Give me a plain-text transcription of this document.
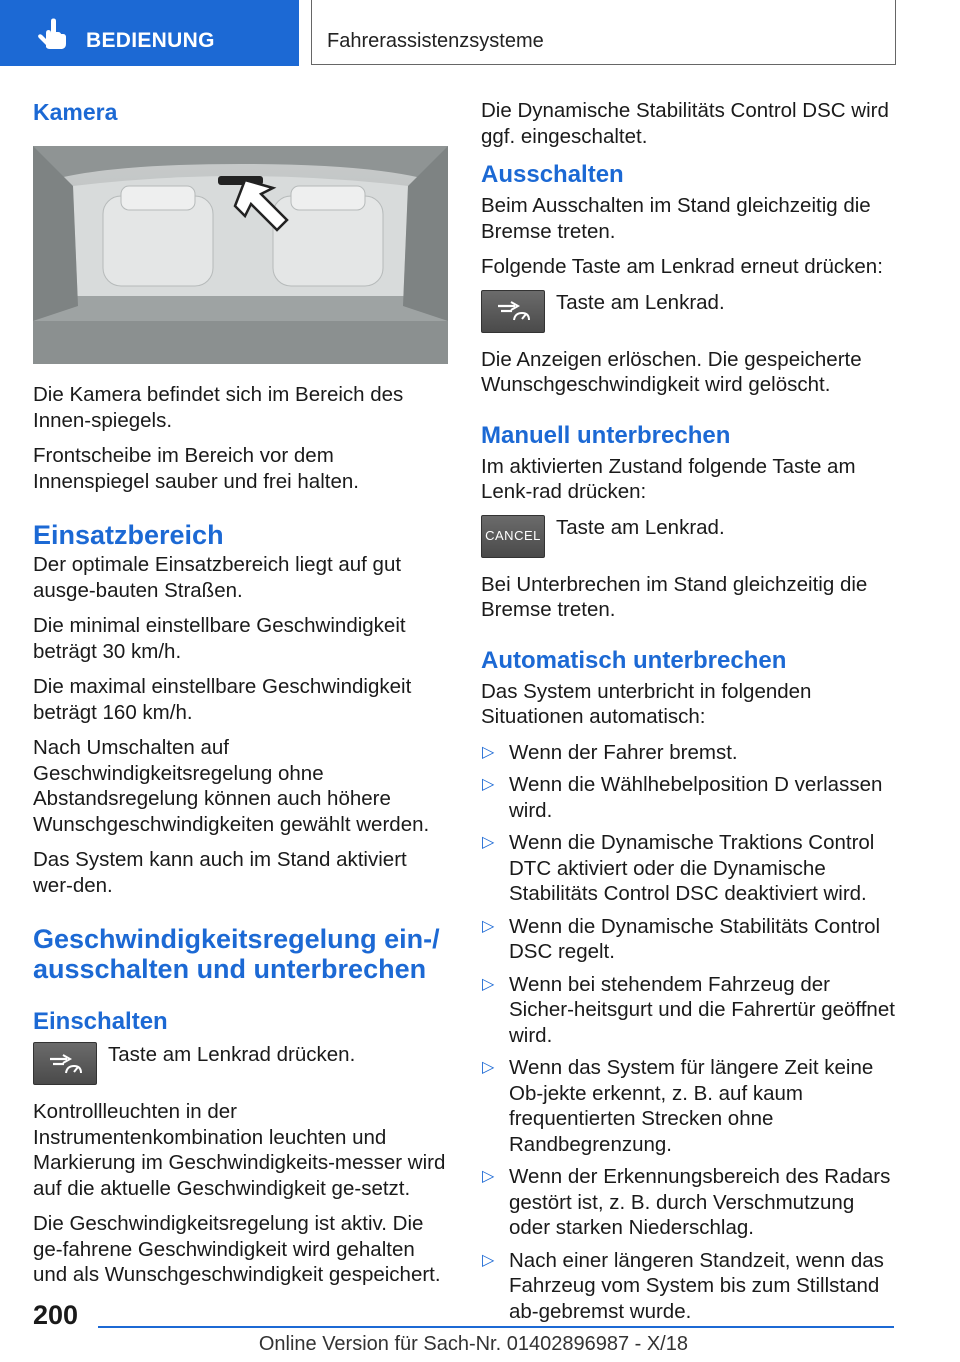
BEDIENUNG	Fahrerassistenzsysteme
Kamera

Die Kamera befindet sich im Bereich des Innen‐spiegels.

Frontscheibe im Bereich vor dem Innenspiegel sauber und frei halten.

Einsatzbereich

Der optimale Einsatzbereich liegt auf gut ausge‐bauten Straßen.

Die minimal einstellbare Geschwindigkeit beträgt 30 km/h.

Die maximal einstellbare Geschwindigkeit beträgt 160 km/h.

Nach Umschalten auf Geschwindigkeitsregelung ohne Abstandsregelung können auch höhere Wunschgeschwindigkeiten gewählt werden.

Das System kann auch im Stand aktiviert wer‐den.

Geschwindigkeitsregelung ein-/ ausschalten und unterbrechen
Einschalten
Taste am Lenkrad drücken.

Kontrollleuchten in der Instrumentenkombination leuchten und Markierung im Geschwindigkeits‐messer wird auf die aktuelle Geschwindigkeit ge‐setzt.

Die Geschwindigkeitsregelung ist aktiv. Die ge‐fahrene Geschwindigkeit wird gehalten und als Wunschgeschwindigkeit gespeichert.

Die Dynamische Stabilitäts Control DSC wird ggf. eingeschaltet.

Ausschalten

Beim Ausschalten im Stand gleichzeitig die Bremse treten.

Folgende Taste am Lenkrad erneut drücken:

Taste am Lenkrad.

Die Anzeigen erlöschen. Die gespeicherte Wunschgeschwindigkeit wird gelöscht.

Manuell unterbrechen

Im aktivierten Zustand folgende Taste am Lenk‐rad drücken:

CANCEL Taste am Lenkrad.

Bei Unterbrechen im Stand gleichzeitig die Bremse treten.

Automatisch unterbrechen

Das System unterbricht in folgenden Situationen automatisch:

▷ Wenn der Fahrer bremst.
▷ Wenn die Wählhebelposition D verlassen wird.
▷ Wenn die Dynamische Traktions Control DTC aktiviert oder die Dynamische Stabilitäts Control DSC deaktiviert wird.
▷ Wenn die Dynamische Stabilitäts Control DSC regelt.
▷ Wenn bei stehendem Fahrzeug der Sicher‐heitsgurt und die Fahrertür geöffnet wird.
▷ Wenn das System für längere Zeit keine Ob‐jekte erkennt, z. B. auf kaum frequentierten Strecken ohne Randbegrenzung.
▷ Wenn der Erkennungsbereich des Radars gestört ist, z. B. durch Verschmutzung oder starken Niederschlag.
▷ Nach einer längeren Standzeit, wenn das Fahrzeug vom System bis zum Stillstand ab‐gebremst wurde.
200
Online Version für Sach-Nr. 01402896987 - X/18
